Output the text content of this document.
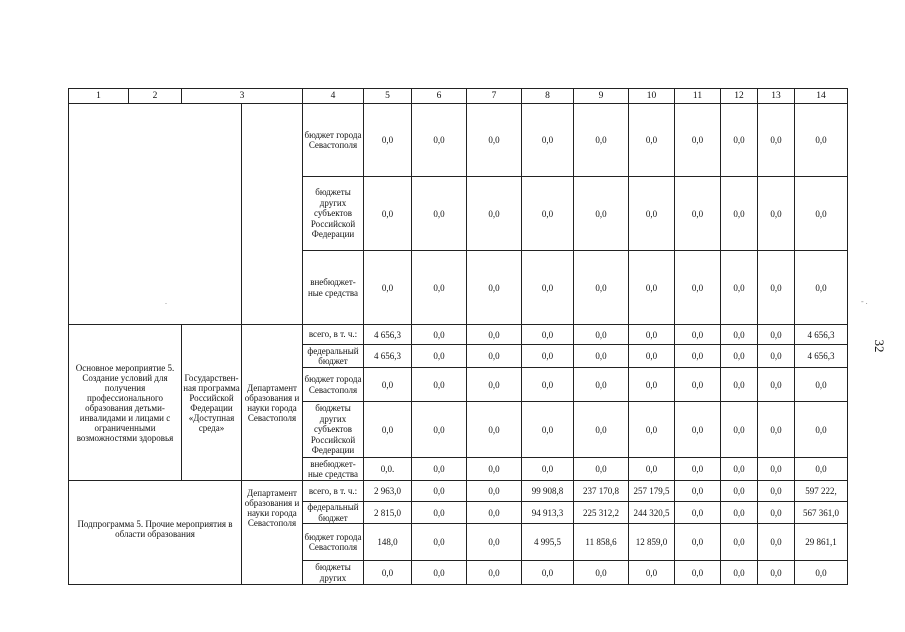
1	2	3		4	5	6	7	8	9	10	11	12	13	14
				бюджет города Севастополя	0,0	0,0	0,0	0,0	0,0	0,0	0,0	0,0	0,0	0,0
				бюджеты других субъектов Российской Федерации	0,0	0,0	0,0	0,0	0,0	0,0	0,0	0,0	0,0	0,0
				внебюджет-ные средства	0,0	0,0	0,0	0,0	0,0	0,0	0,0	0,0	0,0	0,0
Основное мероприятие 5. Создание условий для получения профессионального образования детьми-инвалидами и лицами с ограниченными возможностями здоровья		Государствен-ная программа Российской Федерации «Доступная среда»	Департамент образования и науки города Севастополя	всего, в т. ч.:	4 656,3	0,0	0,0	0,0	0,0	0,0	0,0	0,0	0,0	4 656,3
				федеральный бюджет	4 656,3	0,0	0,0	0,0	0,0	0,0	0,0	0,0	0,0	4 656,3
				бюджет города Севастополя	0,0	0,0	0,0	0,0	0,0	0,0	0,0	0,0	0,0	0,0
				бюджеты других субъектов Российской Федерации	0,0	0,0	0,0	0,0	0,0	0,0	0,0	0,0	0,0	0,0
				внебюджет-ные средства	0,0.	0,0	0,0	0,0	0,0	0,0	0,0	0,0	0,0	0,0
Подпрограмма 5. Прочие мероприятия в области образования			Департамент образования и науки города Севастополя	всего, в т. ч.:	2 963,0	0,0	0,0	99 908,8	237 170,8	257 179,5	0,0	0,0	0,0	597 222,
				федеральный бюджет	2 815,0	0,0	0,0	94 913,3	225 312,2	244 320,5	0,0	0,0	0,0	567 361,0
				бюджет города Севастополя	148,0	0,0	0,0	4 995,5	11 858,6	12 859,0	0,0	0,0	0,0	29 861,1
				бюджеты других	0,0	0,0	0,0	0,0	0,0	0,0	0,0	0,0	0,0	0,0
32
.	- .
